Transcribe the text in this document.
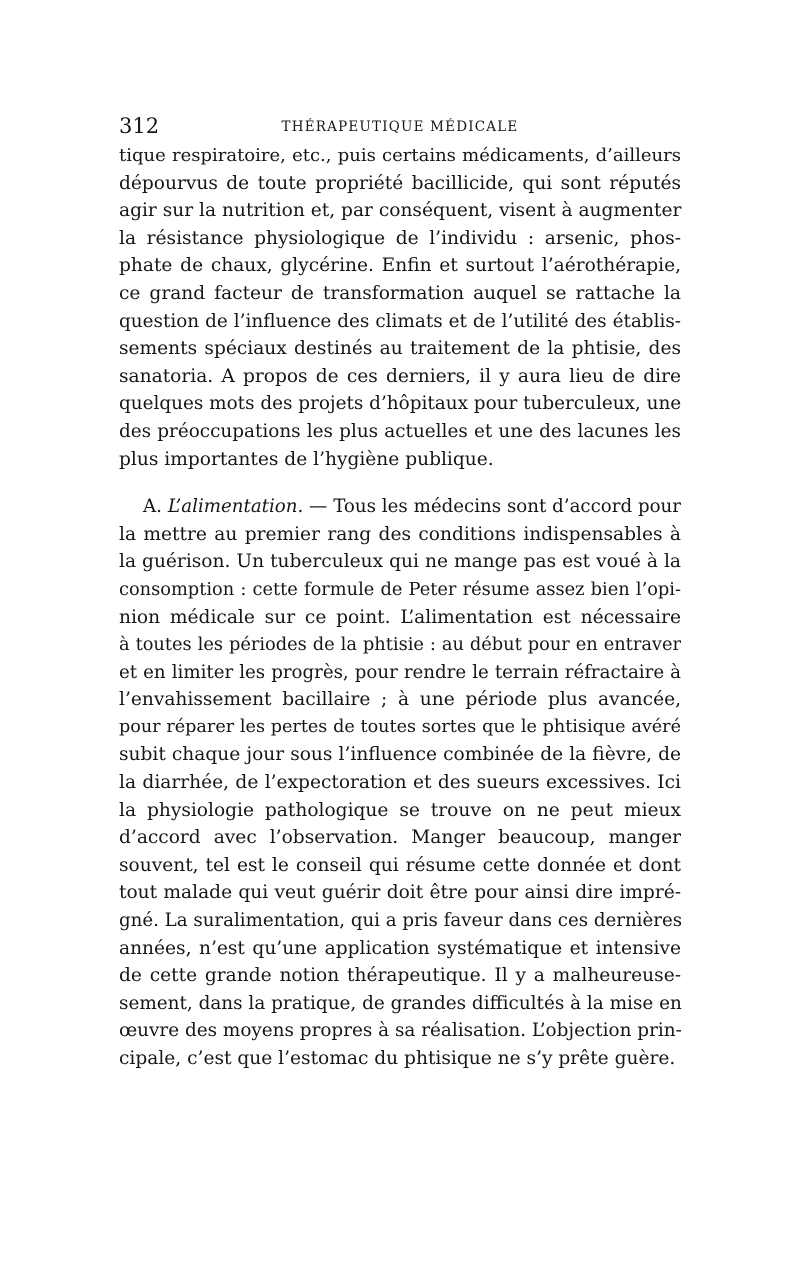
312	THÉRAPEUTIQUE MÉDICALE
tique respiratoire, etc., puis certains médicaments, d’ailleurs
dépourvus de toute propriété bacillicide, qui sont réputés
agir sur la nutrition et, par conséquent, visent à augmenter
la résistance physiologique de l’individu : arsenic, phos-
phate de chaux, glycérine. Enfin et surtout l’aérothérapie,
ce grand facteur de transformation auquel se rattache la
question de l’influence des climats et de l’utilité des établis-
sements spéciaux destinés au traitement de la phtisie, des
sanatoria. A propos de ces derniers, il y aura lieu de dire
quelques mots des projets d’hôpitaux pour tuberculeux, une
des préoccupations les plus actuelles et une des lacunes les
plus importantes de l’hygiène publique.
A. L’alimentation. — Tous les médecins sont d’accord pour
la mettre au premier rang des conditions indispensables à
la guérison. Un tuberculeux qui ne mange pas est voué à la
consomption : cette formule de Peter résume assez bien l’opi-
nion médicale sur ce point. L’alimentation est nécessaire
à toutes les périodes de la phtisie : au début pour en entraver
et en limiter les progrès, pour rendre le terrain réfractaire à
l’envahissement bacillaire ; à une période plus avancée,
pour réparer les pertes de toutes sortes que le phtisique avéré
subit chaque jour sous l’influence combinée de la fièvre, de
la diarrhée, de l’expectoration et des sueurs excessives. Ici
la physiologie pathologique se trouve on ne peut mieux
d’accord avec l’observation. Manger beaucoup, manger
souvent, tel est le conseil qui résume cette donnée et dont
tout malade qui veut guérir doit être pour ainsi dire impré-
gné. La suralimentation, qui a pris faveur dans ces dernières
années, n’est qu’une application systématique et intensive
de cette grande notion thérapeutique. Il y a malheureuse-
sement, dans la pratique, de grandes difficultés à la mise en
œuvre des moyens propres à sa réalisation. L’objection prin-
cipale, c’est que l’estomac du phtisique ne s’y prête guère.
